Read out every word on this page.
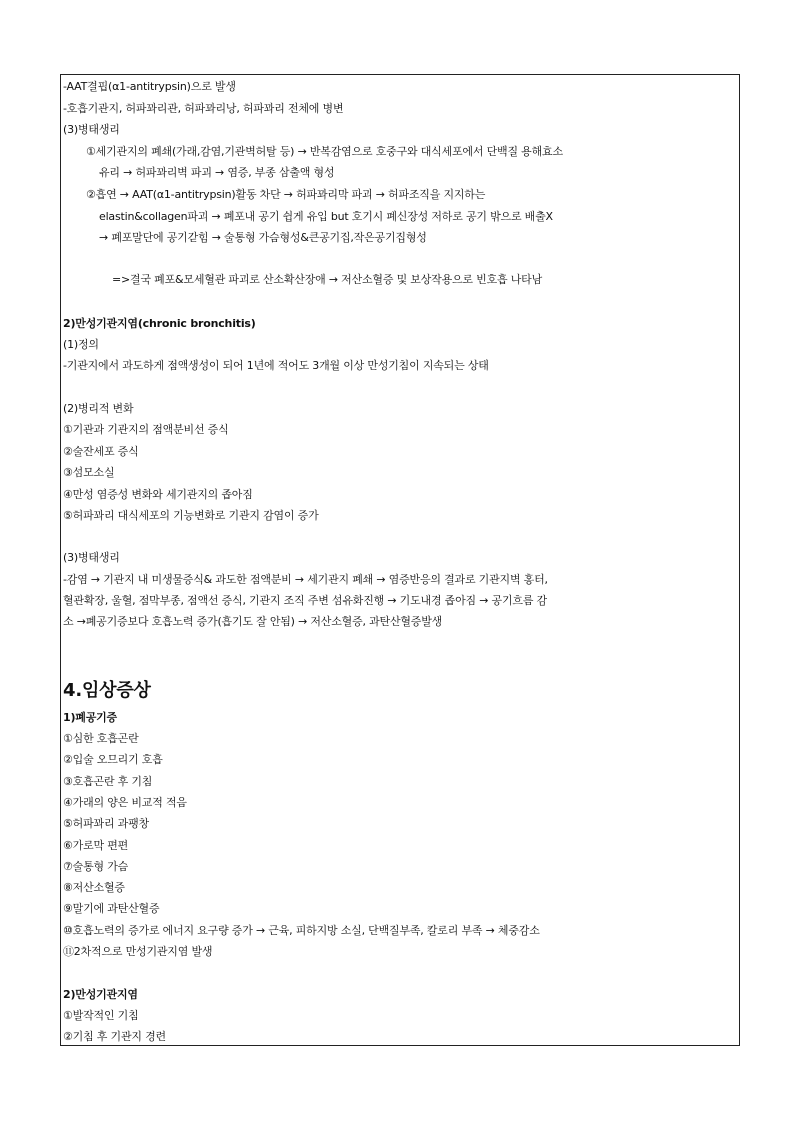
-AAT결핍(α1-antitrypsin)으로 발생
-호흡기관지, 허파꽈리관, 허파꽈리낭, 허파꽈리 전체에 병변
(3)병태생리
①세기관지의 폐쇄(가래,감염,기관벽허탈 등) → 반복감염으로 호중구와 대식세포에서 단백질 용해효소
유리 → 허파꽈리벽 파괴 → 염증, 부종 삼출액 형성
②흡연 → AAT(α1-antitrypsin)활동 차단 → 허파꽈리막 파괴 → 허파조직을 지지하는
elastin&collagen파괴 → 폐포내 공기 쉽게 유입 but 호기시 폐신장성 저하로 공기 밖으로 배출X
→ 폐포말단에 공기갇힘 → 술통형 가슴형성&큰공기집,작은공기집형성
=>결국 폐포&모세혈관 파괴로 산소확산장애 → 저산소혈증 및 보상작용으로 빈호흡 나타남
2)만성기관지염(chronic bronchitis)
(1)정의
-기관지에서 과도하게 점액생성이 되어 1년에 적어도 3개월 이상 만성기침이 지속되는 상태
(2)병리적 변화
①기관과 기관지의 점액분비선 증식
②술잔세포 증식
③섬모소실
④만성 염증성 변화와 세기관지의 좁아짐
⑤허파꽈리 대식세포의 기능변화로 기관지 감염이 증가
(3)병태생리
-감염 → 기관지 내 미생물증식& 과도한 점액분비 → 세기관지 폐쇄 → 염증반응의 결과로 기관지벽 홍터,
혈관확장, 울혈, 점막부종, 점액선 증식, 기관지 조직 주변 섬유화진행 → 기도내경 좁아짐 → 공기흐름 감
소 →폐공기증보다 호흡노력 증가(흡기도 잘 안됨) → 저산소혈증, 과탄산혈증발생
4.임상증상
1)폐공기증
①심한 호흡곤란
②입술 오므리기 호흡
③호흡곤란 후 기침
④가래의 양은 비교적 적음
⑤허파꽈리 과팽창
⑥가로막 편편
⑦술통형 가슴
⑧저산소혈증
⑨말기에 과탄산혈증
⑩호흡노력의 증가로 에너지 요구량 증가 → 근육, 피하지방 소실, 단백질부족, 칼로리 부족 → 체중감소
⑪2차적으로 만성기관지염 발생
2)만성기관지염
①발작적인 기침
②기침 후 기관지 경련
